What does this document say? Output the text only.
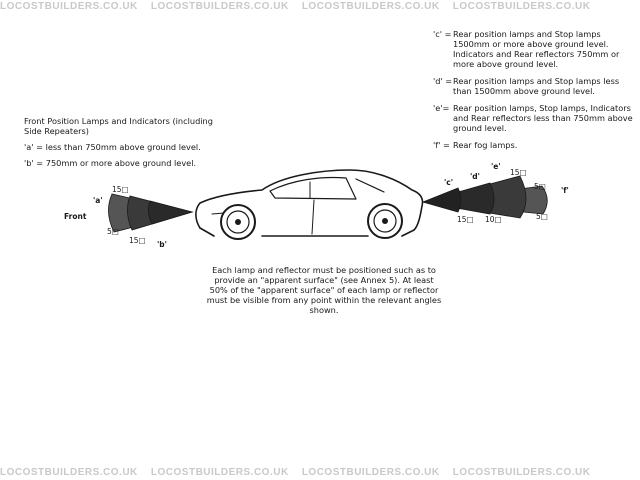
LOCOSTBUILDERS.CO.UK LOCOSTBUILDERS.CO.UK LOCOSTBUILDERS.CO.UK LOCOSTBUILDERS.CO.UK
'c' = Rear position lamps and Stop lamps 1500mm or more above ground level. Indicators and Rear reflectors 750mm or more above ground level.
'd' = Rear position lamps and Stop lamps less than 1500mm above ground level.
'e'= Rear position lamps, Stop lamps, Indicators and Rear reflectors less than 750mm above ground level.
'f' = Rear fog lamps.

Front Position Lamps and Indicators (including Side Repeaters)

'a' = less than 750mm above ground level.

'b' = 750mm or more above ground level.

Front
'a'
'b'
15□
5□
15□
'c'
'd'
'e'
'f'
15□
5□
15□ 10□	5□
Each lamp and reflector must be positioned such as to provide an "apparent surface" (see Annex 5). At least 50% of the "apparent surface" of each lamp or reflector must be visible from any point within the relevant angles shown.
LOCOSTBUILDERS.CO.UK LOCOSTBUILDERS.CO.UK LOCOSTBUILDERS.CO.UK LOCOSTBUILDERS.CO.UK
